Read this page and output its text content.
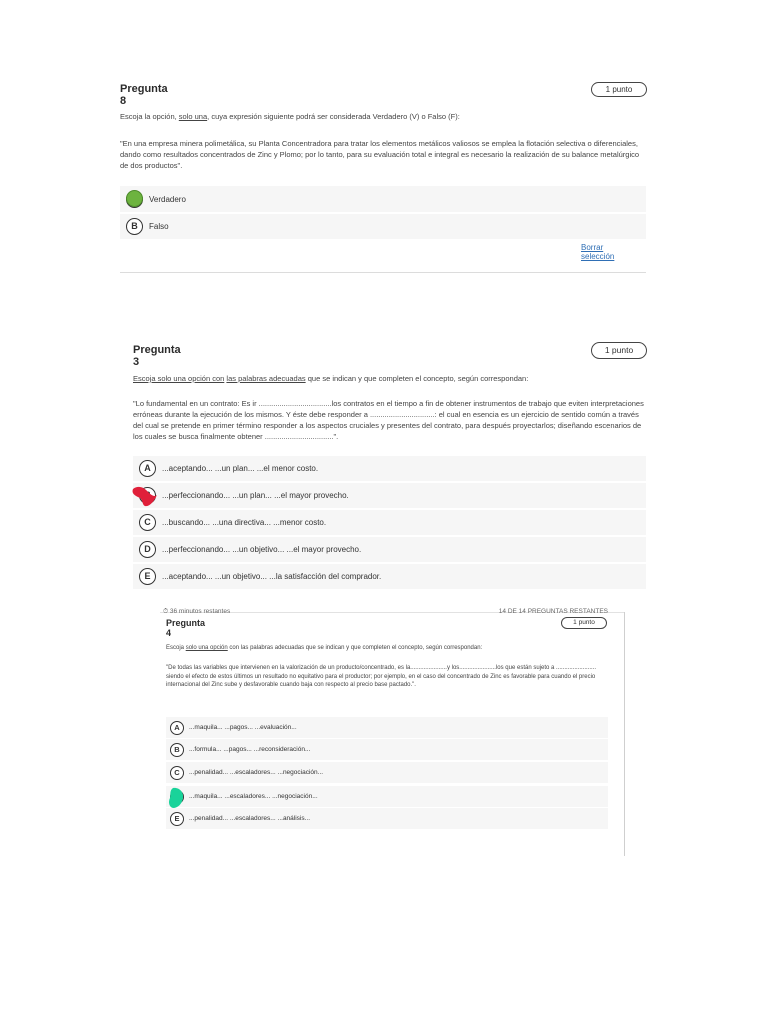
Pregunta 8
1 punto
Escoja la opción, solo una, cuya expresión siguiente podrá ser considerada Verdadero (V) o Falso (F):
"En una empresa minera polimetálica, su Planta Concentradora para tratar los elementos metálicos valiosos se emplea la flotación selectiva o diferenciales, dando como resultados concentrados de Zinc y Plomo; por lo tanto, para su evaluación total e integral es necesario la realización de su balance metalúrgico de dos productos".
Verdadero
B	Falso
Borrar selección
Pregunta 3
1 punto
Escoja solo una opción con las palabras adecuadas que se indican y que completen el concepto, según correspondan:
"Lo fundamental en un contrato: Es ir ...................................los contratos en el tiempo a fin de obtener instrumentos de trabajo que eviten interpretaciones erróneas durante la ejecución de los mismos. Y éste debe responder a ...............................: el cual en esencia es un ejercicio de sentido común a través del cual se pretende en primer término responder a los aspectos cruciales y presentes del contrato, para después proyectarlos; diseñando escenarios de los cuales se busca finalmente obtener .................................".
A	...aceptando... ...un plan... ...el menor costo.
...perfeccionando... ...un plan... ...el mayor provecho.
C	...buscando... ...una directiva... ...menor costo.
D	...perfeccionando... ...un objetivo... ...el mayor provecho.
E	...aceptando... ...un objetivo... ...la satisfacción del comprador.
⏱ 36 minutos restantes	14 DE 14 PREGUNTAS RESTANTES
Pregunta 4
1 punto
Escoja solo una opción con las palabras adecuadas que se indican y que completen el concepto, según correspondan:
"De todas las variables que intervienen en la valorización de un producto/concentrado, es la......................y los......................los que están sujeto a ........................ siendo el efecto de estos últimos un resultado no equitativo para el productor; por ejemplo, en el caso del concentrado de Zinc es favorable para cuando el precio internacional del Zinc sube y desfavorable cuando baja con respecto al precio base pactado.".
A	...maquila... ...pagos... ...evaluación...
B	...formula... ...pagos... ...reconsideración...
C	...penalidad... ...escaladores... ...negociación...
...maquila... ...escaladores... ...negociación...
E	...penalidad... ...escaladores... ...análisis...
